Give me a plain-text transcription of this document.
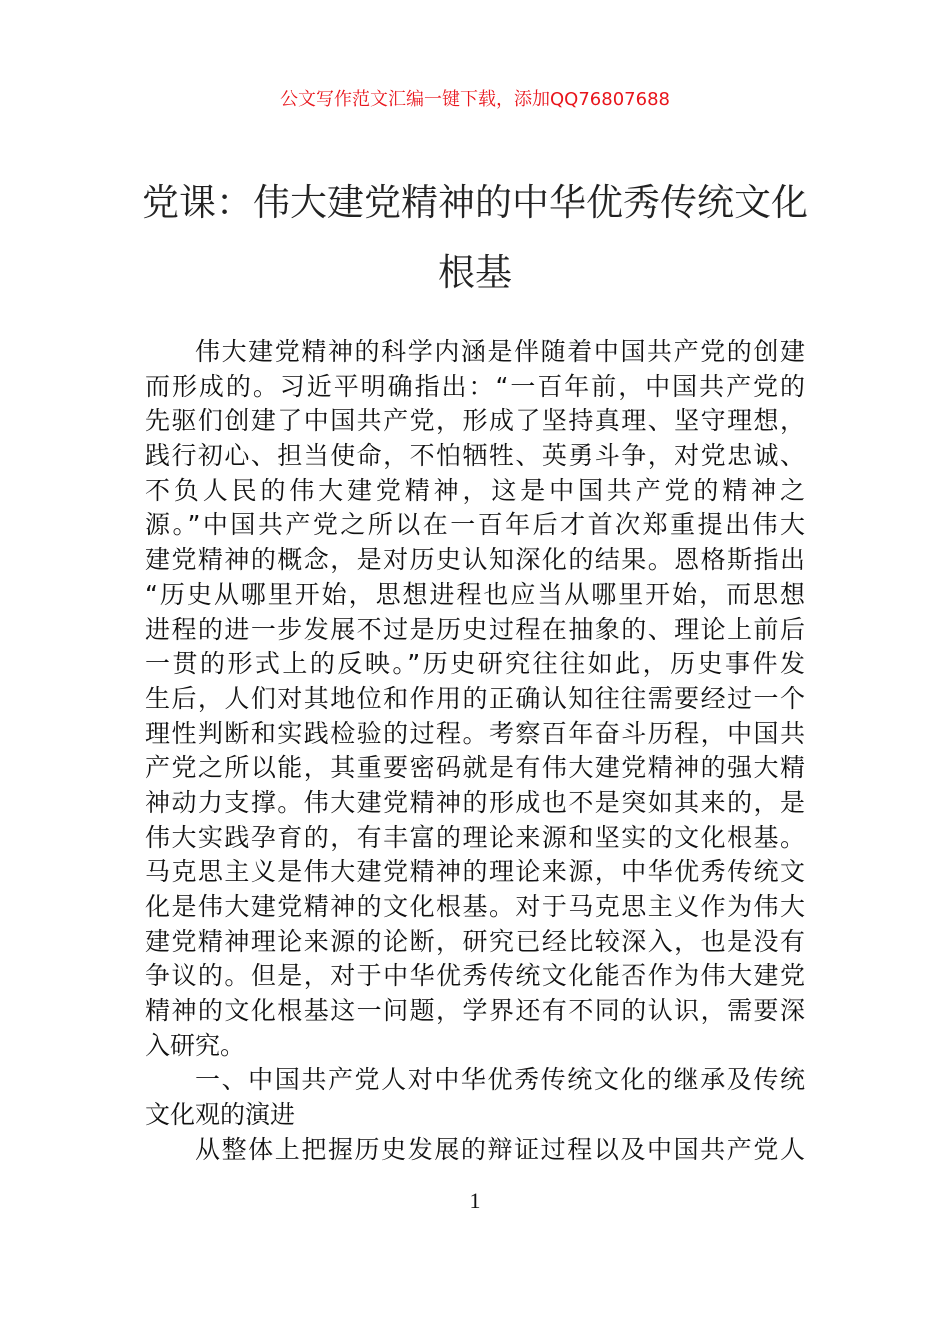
公文写作范文汇编一键下载，添加QQ76807688
党课：伟大建党精神的中华优秀传统文化
根基
伟大建党精神的科学内涵是伴随着中国共产党的创建
而形成的。习近平明确指出：“一百年前，中国共产党的
先驱们创建了中国共产党，形成了坚持真理、坚守理想，
践行初心、担当使命，不怕牺牲、英勇斗争，对党忠诚、
不负人民的伟大建党精神，这是中国共产党的精神之
源。”中国共产党之所以在一百年后才首次郑重提出伟大
建党精神的概念，是对历史认知深化的结果。恩格斯指出
“历史从哪里开始，思想进程也应当从哪里开始，而思想
进程的进一步发展不过是历史过程在抽象的、理论上前后
一贯的形式上的反映。”历史研究往往如此，历史事件发
生后，人们对其地位和作用的正确认知往往需要经过一个
理性判断和实践检验的过程。考察百年奋斗历程，中国共
产党之所以能，其重要密码就是有伟大建党精神的强大精
神动力支撑。伟大建党精神的形成也不是突如其来的，是
伟大实践孕育的，有丰富的理论来源和坚实的文化根基。
马克思主义是伟大建党精神的理论来源，中华优秀传统文
化是伟大建党精神的文化根基。对于马克思主义作为伟大
建党精神理论来源的论断，研究已经比较深入，也是没有
争议的。但是，对于中华优秀传统文化能否作为伟大建党
精神的文化根基这一问题，学界还有不同的认识，需要深
入研究。
一、中国共产党人对中华优秀传统文化的继承及传统
文化观的演进
从整体上把握历史发展的辩证过程以及中国共产党人
1
